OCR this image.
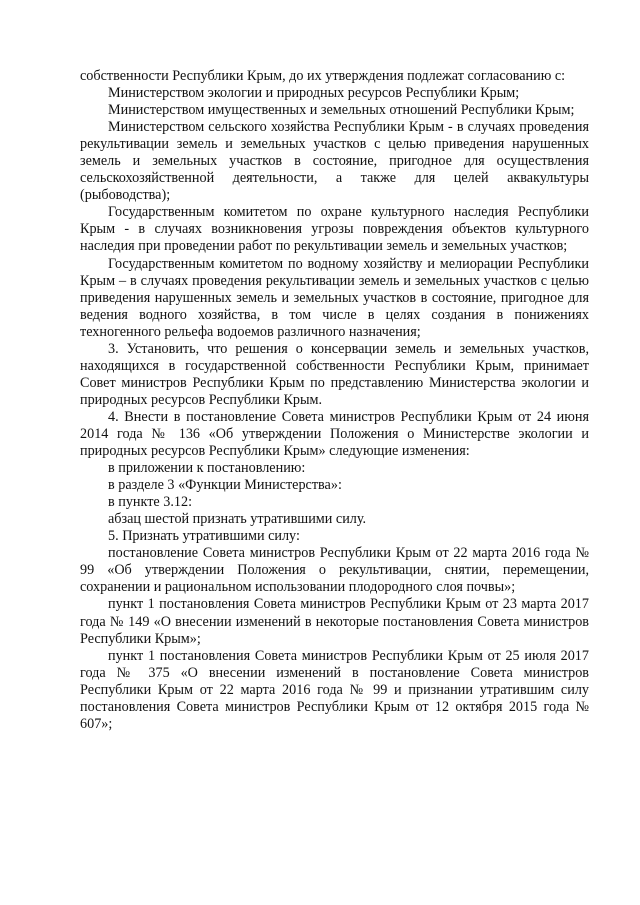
собственности Республики Крым, до их утверждения подлежат согласованию с:

Министерством экологии и природных ресурсов Республики Крым;

Министерством имущественных и земельных отношений Республики Крым;

Министерством сельского хозяйства Республики Крым - в случаях проведения рекультивации земель и земельных участков с целью приведения нарушенных земель и земельных участков в состояние, пригодное для осуществления сельскохозяйственной деятельности, а также для целей аквакультуры (рыбоводства);

Государственным комитетом по охране культурного наследия Республики Крым - в случаях возникновения угрозы повреждения объектов культурного наследия при проведении работ по рекультивации земель и земельных участков;

Государственным комитетом по водному хозяйству и мелиорации Республики Крым – в случаях проведения рекультивации земель и земельных участков с целью приведения нарушенных земель и земельных участков в состояние, пригодное для ведения водного хозяйства, в том числе в целях создания в понижениях техногенного рельефа водоемов различного назначения;

3. Установить, что решения о консервации земель и земельных участков, находящихся в государственной собственности Республики Крым, принимает Совет министров Республики Крым по представлению Министерства экологии и природных ресурсов Республики Крым.

4. Внести в постановление Совета министров Республики Крым от 24 июня 2014 года № 136 «Об утверждении Положения о Министерстве экологии и природных ресурсов Республики Крым» следующие изменения:

в приложении к постановлению:

в разделе 3 «Функции Министерства»:

в пункте 3.12:

абзац шестой признать утратившими силу.

5. Признать утратившими силу:

постановление Совета министров Республики Крым от 22 марта 2016 года № 99 «Об утверждении Положения о рекультивации, снятии, перемещении, сохранении и рациональном использовании плодородного слоя почвы»;

пункт 1 постановления Совета министров Республики Крым от 23 марта 2017 года № 149 «О внесении изменений в некоторые постановления Совета министров Республики Крым»;

пункт 1 постановления Совета министров Республики Крым от 25 июля 2017 года № 375 «О внесении изменений в постановление Совета министров Республики Крым от 22 марта 2016 года № 99 и признании утратившим силу постановления Совета министров Республики Крым от 12 октября 2015 года № 607»;
